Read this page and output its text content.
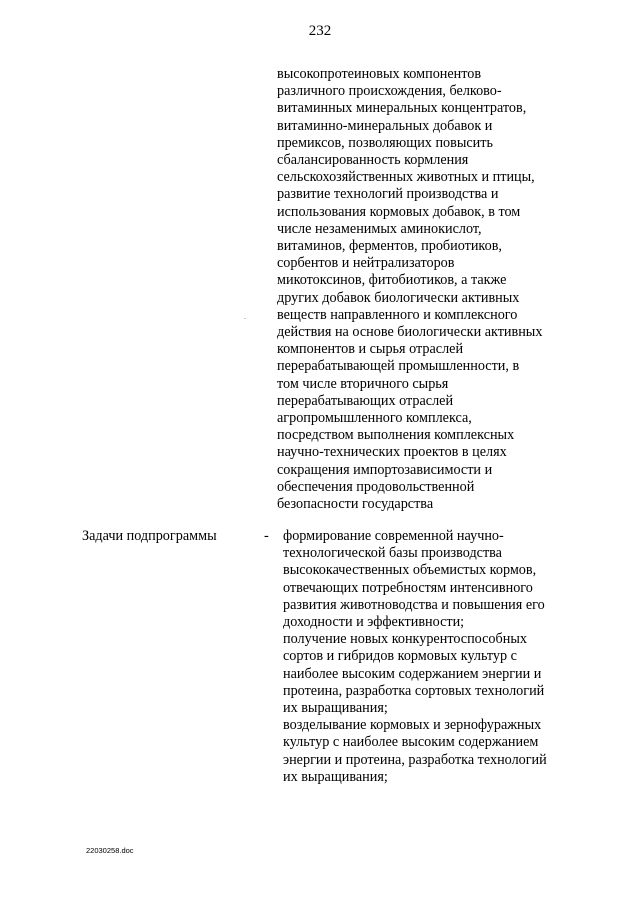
232
высокопротеиновых компонентов
различного происхождения, белково-
витаминных минеральных концентратов,
витаминно-минеральных добавок и
премиксов, позволяющих повысить
сбалансированность кормления
сельскохозяйственных животных и птицы,
развитие технологий производства и
использования кормовых добавок, в том
числе незаменимых аминокислот,
витаминов, ферментов, пробиотиков,
сорбентов и нейтрализаторов
микотоксинов, фитобиотиков, а также
других добавок биологически активных
веществ направленного и комплексного
действия на основе биологически активных
компонентов и сырья отраслей
перерабатывающей промышленности, в
том числе вторичного сырья
перерабатывающих отраслей
агропромышленного комплекса,
посредством выполнения комплексных
научно-технических проектов в целях
сокращения импортозависимости и
обеспечения продовольственной
безопасности государства
Задачи подпрограммы	- формирование современной научно-
технологической базы производства
высококачественных объемистых кормов,
отвечающих потребностям интенсивного
развития животноводства и повышения его
доходности и эффективности;
получение новых конкурентоспособных
сортов и гибридов кормовых культур с
наиболее высоким содержанием энергии и
протеина, разработка сортовых технологий
их выращивания;
возделывание кормовых и зернофуражных
культур с наиболее высоким содержанием
энергии и протеина, разработка технологий
их выращивания;
22030258.doc
